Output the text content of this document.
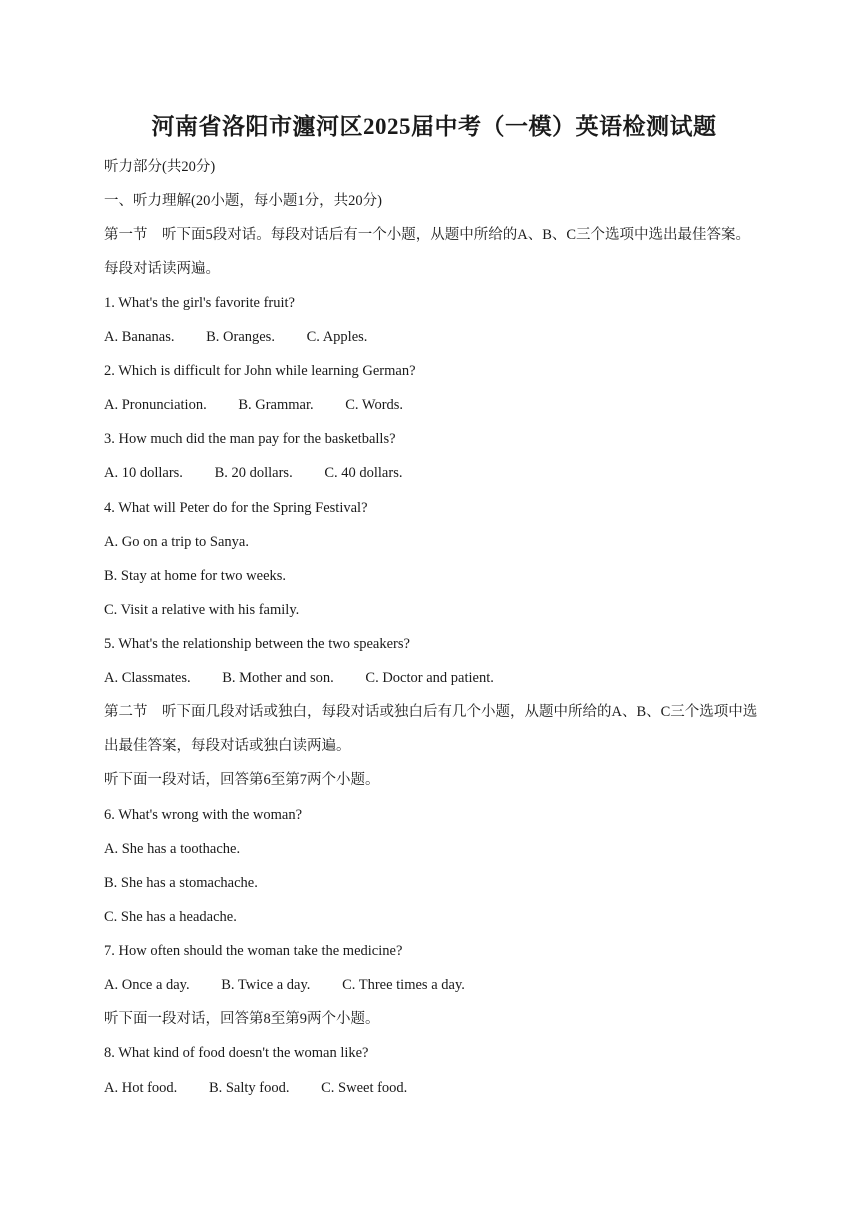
河南省洛阳市瀍河区2025届中考（一模）英语检测试题
听力部分(共20分)
一、听力理解(20小题，每小题1分，共20分)
第一节　听下面5段对话。每段对话后有一个小题，从题中所给的A、B、C三个选项中选出最佳答案。每段对话读两遍。
1. What's the girl's favorite fruit?
A. Bananas. B. Oranges. C. Apples.
2. Which is difficult for John while learning German?
A. Pronunciation. B. Grammar. C. Words.
3. How much did the man pay for the basketballs?
A. 10 dollars. B. 20 dollars. C. 40 dollars.
4. What will Peter do for the Spring Festival?
A. Go on a trip to Sanya.
B. Stay at home for two weeks.
C. Visit a relative with his family.
5. What's the relationship between the two speakers?
A. Classmates. B. Mother and son. C. Doctor and patient.
第二节　听下面几段对话或独白，每段对话或独白后有几个小题，从题中所给的A、B、C三个选项中选出最佳答案，每段对话或独白读两遍。
听下面一段对话，回答第6至第7两个小题。
6. What's wrong with the woman?
A. She has a toothache.
B. She has a stomachache.
C. She has a headache.
7. How often should the woman take the medicine?
A. Once a day. B. Twice a day. C. Three times a day.
听下面一段对话，回答第8至第9两个小题。
8. What kind of food doesn't the woman like?
A. Hot food. B. Salty food. C. Sweet food.
